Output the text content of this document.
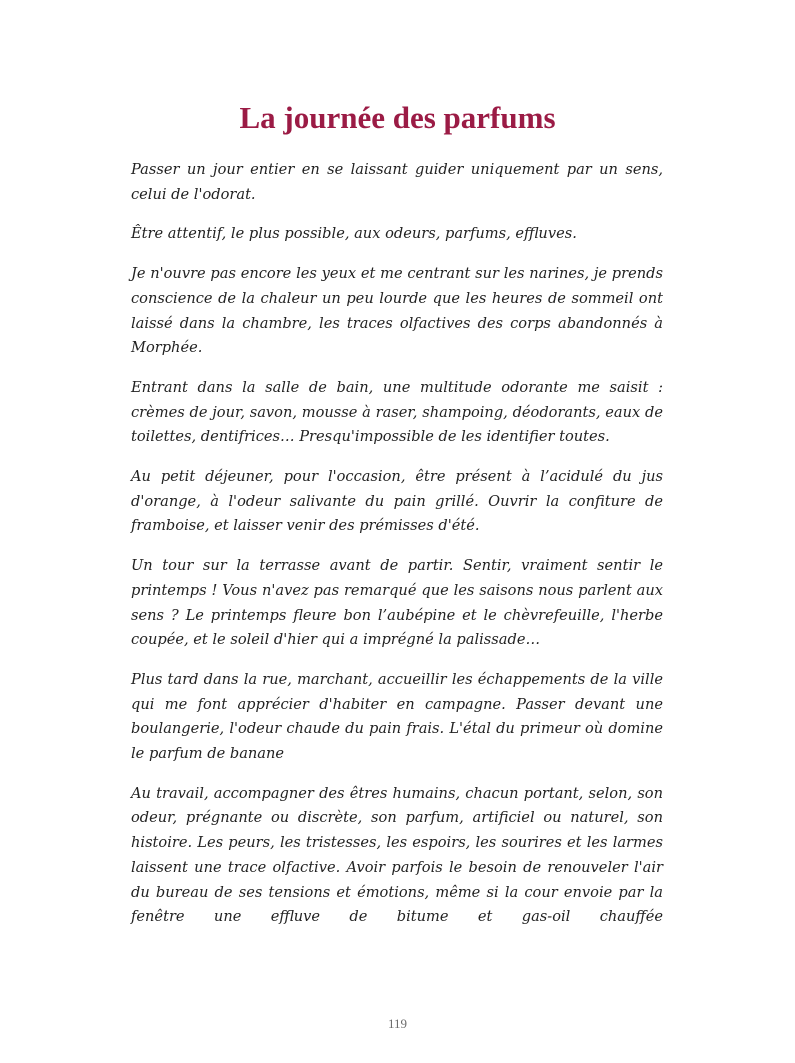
La journée des parfums

Passer un jour entier en se laissant guider uniquement par un sens, celui de l'odorat.

Être attentif, le plus possible, aux odeurs, parfums, effluves.

Je n'ouvre pas encore les yeux et me centrant sur les narines, je prends conscience de la chaleur un peu lourde que les heures de sommeil ont laissé dans la chambre, les traces olfactives des corps abandonnés à Morphée.

Entrant dans la salle de bain, une multitude odorante me saisit : crèmes de jour, savon, mousse à raser, shampoing, déodorants, eaux de toilettes, dentifrices… Presqu'impossible de les identifier toutes.

Au petit déjeuner, pour l'occasion, être présent à l’acidulé du jus d'orange, à l'odeur salivante du pain grillé. Ouvrir la confiture de framboise, et laisser venir des prémisses d'été.

Un tour sur la terrasse avant de partir. Sentir, vraiment sentir le printemps ! Vous n'avez pas remarqué que les saisons nous parlent aux sens ? Le printemps fleure bon l’aubépine et le chèvrefeuille, l'herbe coupée, et le soleil d'hier qui a imprégné la palissade…

Plus tard dans la rue, marchant, accueillir les échappements de la ville qui me font apprécier d'habiter en campagne. Passer devant une boulangerie, l'odeur chaude du pain frais. L'étal du primeur où domine le parfum de banane

Au travail, accompagner des êtres humains, chacun portant, selon, son odeur, prégnante ou discrète, son parfum, artificiel ou naturel, son histoire. Les peurs, les tristesses, les espoirs, les sourires et les larmes laissent une trace olfactive. Avoir parfois le besoin de renouveler l'air du bureau de ses tensions et émotions, même si la cour envoie par la fenêtre une effluve de bitume et gas-oil chauffée

119
